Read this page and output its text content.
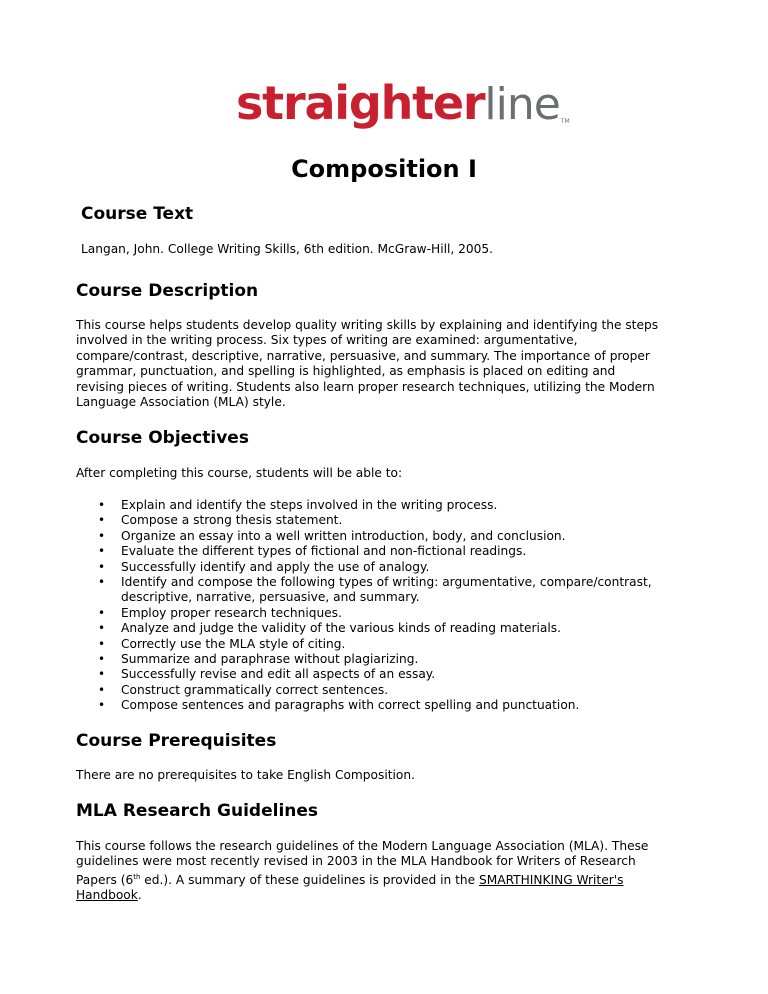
straighterline$_{TM}$
Composition I
Course Text
Langan, John. College Writing Skills, 6th edition. McGraw-Hill, 2005.
Course Description
This course helps students develop quality writing skills by explaining and identifying the steps
involved in the writing process. Six types of writing are examined: argumentative,
compare/contrast, descriptive, narrative, persuasive, and summary. The importance of proper
grammar, punctuation, and spelling is highlighted, as emphasis is placed on editing and
revising pieces of writing. Students also learn proper research techniques, utilizing the Modern
Language Association (MLA) style.
Course Objectives
After completing this course, students will be able to:
• Explain and identify the steps involved in the writing process.
• Compose a strong thesis statement.
• Organize an essay into a well written introduction, body, and conclusion.
• Evaluate the different types of fictional and non-fictional readings.
• Successfully identify and apply the use of analogy.
• Identify and compose the following types of writing: argumentative, compare/contrast,
descriptive, narrative, persuasive, and summary.
• Employ proper research techniques.
• Analyze and judge the validity of the various kinds of reading materials.
• Correctly use the MLA style of citing.
• Summarize and paraphrase without plagiarizing.
• Successfully revise and edit all aspects of an essay.
• Construct grammatically correct sentences.
• Compose sentences and paragraphs with correct spelling and punctuation.
Course Prerequisites
There are no prerequisites to take English Composition.
MLA Research Guidelines
This course follows the research guidelines of the Modern Language Association (MLA). These
guidelines were most recently revised in 2003 in the MLA Handbook for Writers of Research
Papers (6th ed.). A summary of these guidelines is provided in the SMARTHINKING Writer's
Handbook.
